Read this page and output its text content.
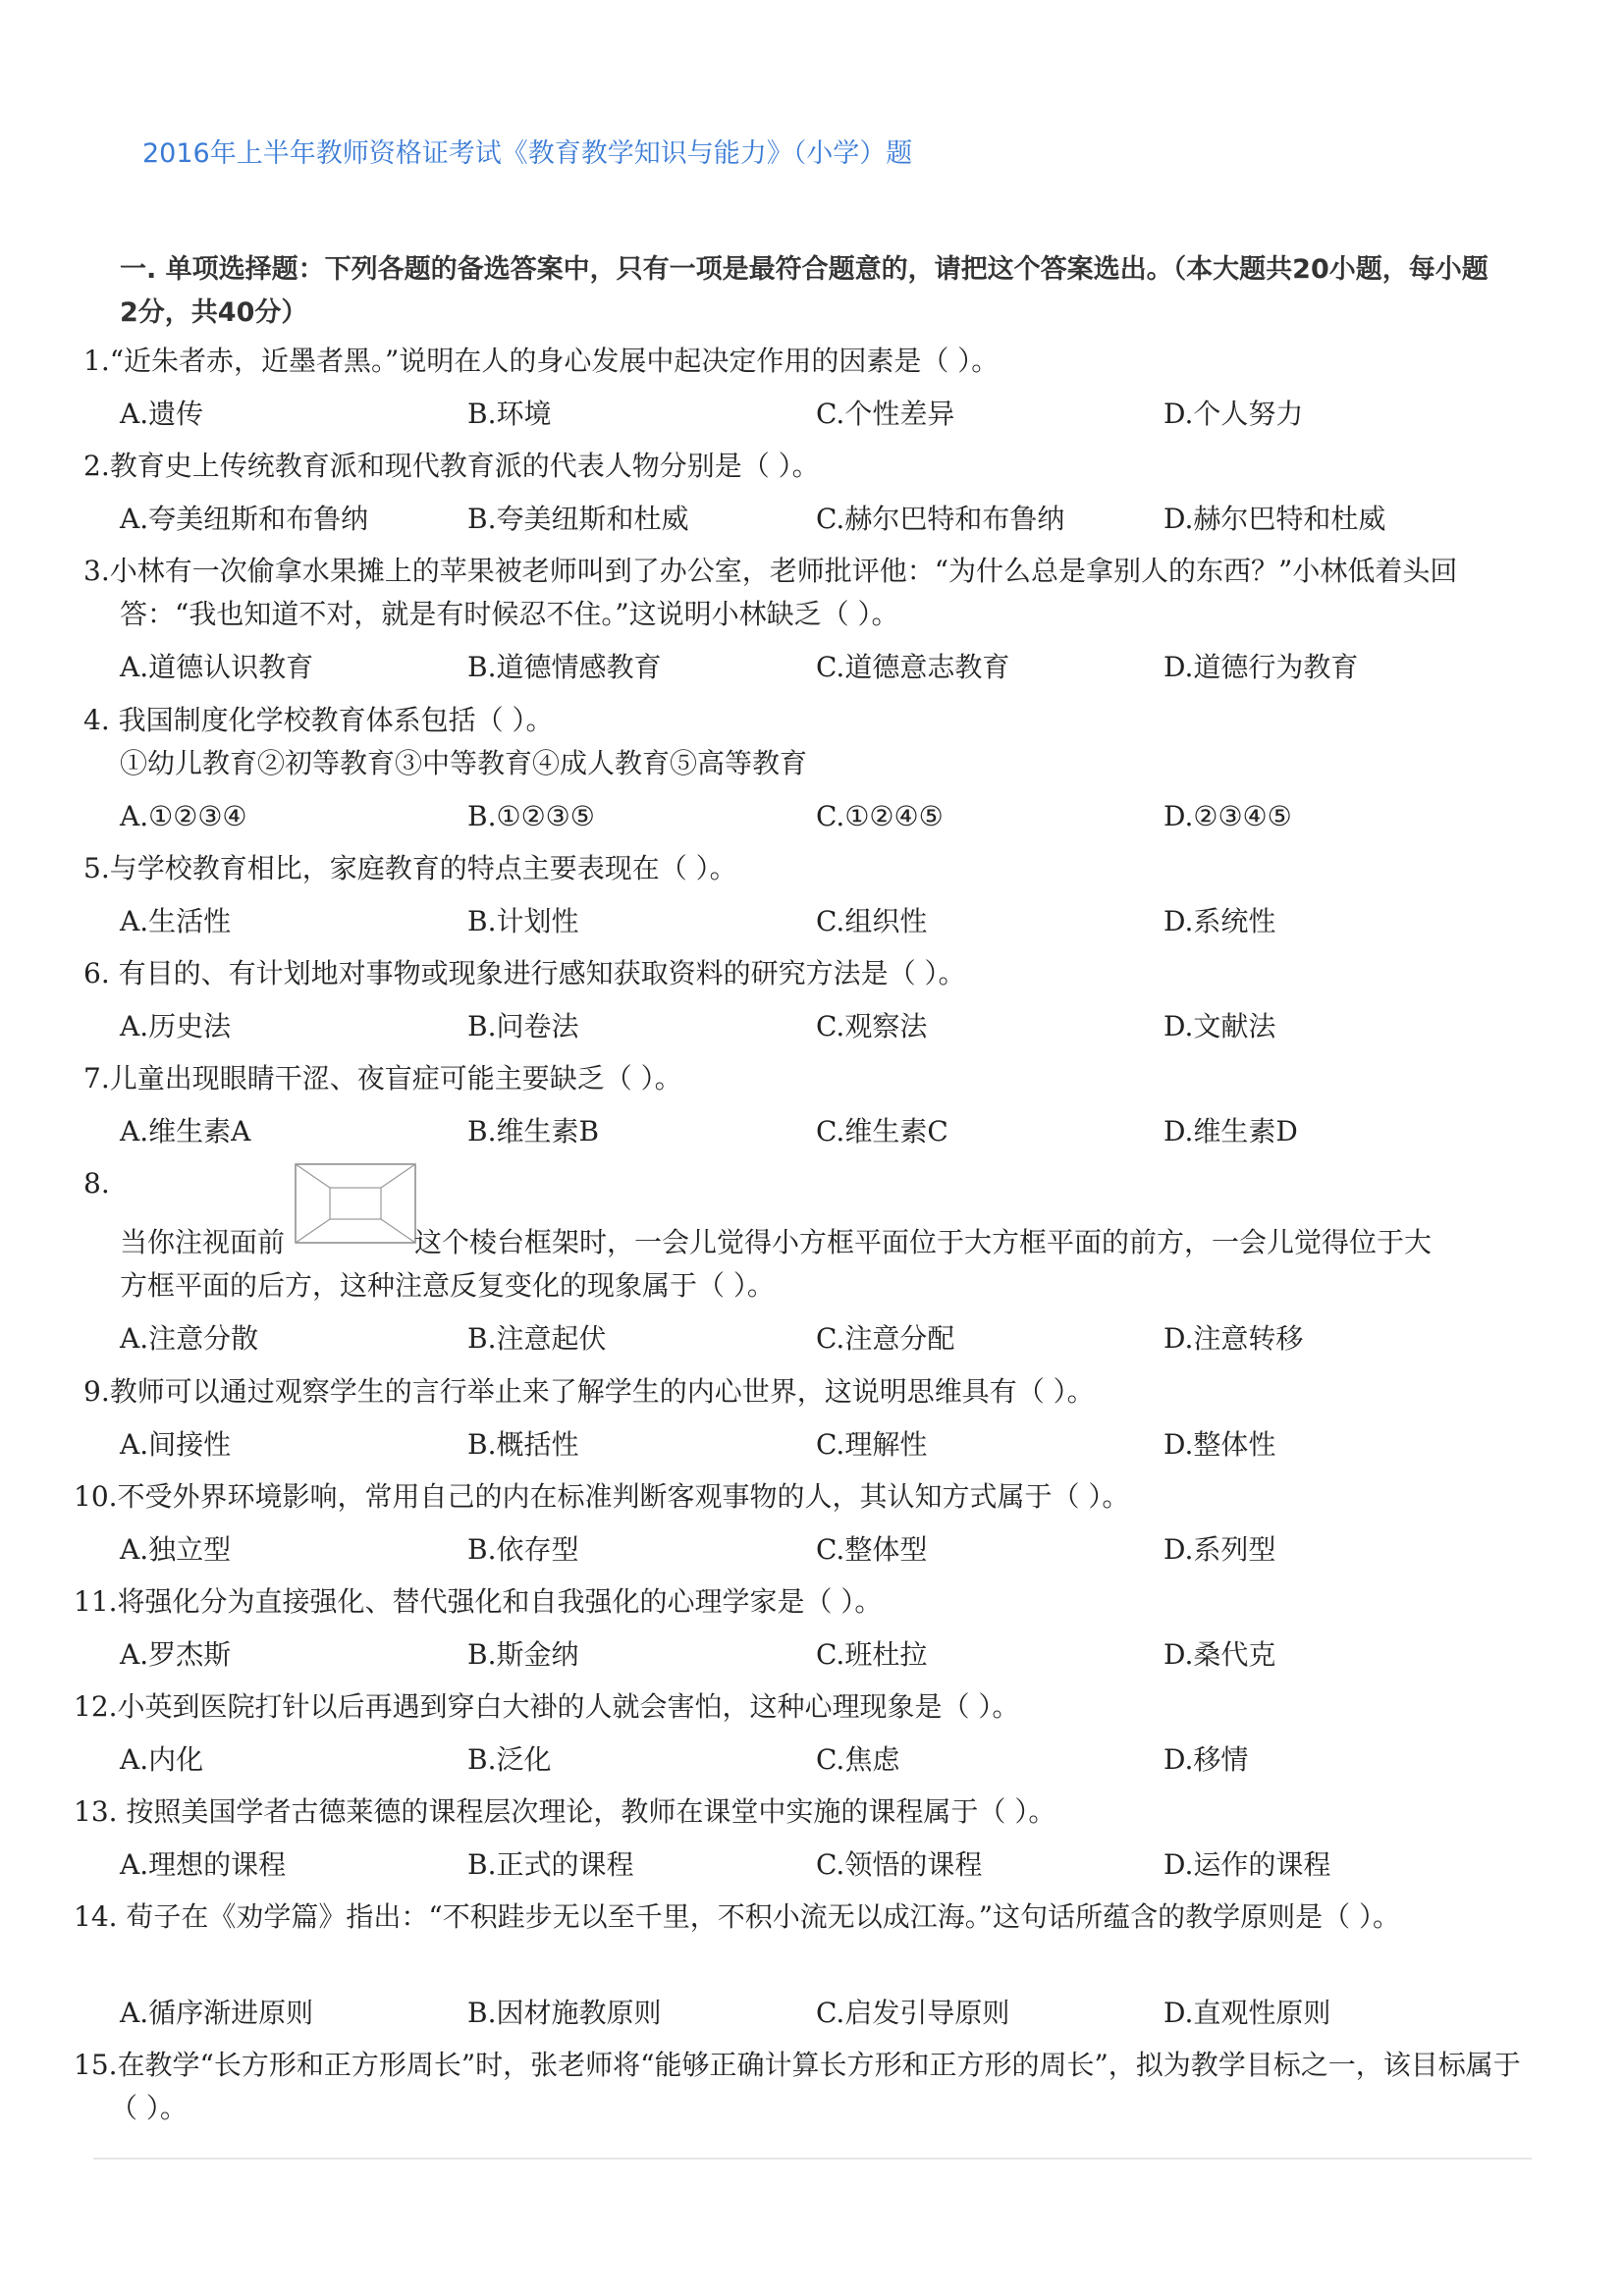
2016年上半年教师资格证考试《教育教学知识与能力》（小学）题
一. 单项选择题：下列各题的备选答案中，只有一项是最符合题意的，请把这个答案选出。（本大题共20小题，每小题2分，共40分）
1.“近朱者赤，近墨者黑。”说明在人的身心发展中起决定作用的因素是（ ）。
A.遗传	B.环境	C.个性差异	D.个人努力
2.教育史上传统教育派和现代教育派的代表人物分别是（ ）。
A.夸美纽斯和布鲁纳	B.夸美纽斯和杜威	C.赫尔巴特和布鲁纳	D.赫尔巴特和杜威
3.小林有一次偷拿水果摊上的苹果被老师叫到了办公室，老师批评他：“为什么总是拿别人的东西？”小林低着头回答：“我也知道不对，就是有时候忍不住。”这说明小林缺乏（ ）。
A.道德认识教育	B.道德情感教育	C.道德意志教育	D.道德行为教育
4. 我国制度化学校教育体系包括（ ）。
①幼儿教育②初等教育③中等教育④成人教育⑤高等教育
A.①②③④	B.①②③⑤	C.①②④⑤	D.②③④⑤
5.与学校教育相比，家庭教育的特点主要表现在（ ）。
A.生活性	B.计划性	C.组织性	D.系统性
6. 有目的、有计划地对事物或现象进行感知获取资料的研究方法是（ ）。
A.历史法	B.问卷法	C.观察法	D.文献法
7.儿童出现眼睛干涩、夜盲症可能主要缺乏（ ）。
A.维生素A	B.维生素B	C.维生素C	D.维生素D
8.
当你注视面前	这个棱台框架时，一会儿觉得小方框平面位于大方框平面的前方，一会儿觉得位于大
方框平面的后方，这种注意反复变化的现象属于（ ）。
A.注意分散	B.注意起伏	C.注意分配	D.注意转移
9.教师可以通过观察学生的言行举止来了解学生的内心世界，这说明思维具有（ ）。
A.间接性	B.概括性	C.理解性	D.整体性
10.不受外界环境影响，常用自己的内在标准判断客观事物的人，其认知方式属于（ ）。
A.独立型	B.依存型	C.整体型	D.系列型
11.将强化分为直接强化、替代强化和自我强化的心理学家是（ ）。
A.罗杰斯	B.斯金纳	C.班杜拉	D.桑代克
12.小英到医院打针以后再遇到穿白大褂的人就会害怕，这种心理现象是（ ）。
A.内化	B.泛化	C.焦虑	D.移情
13. 按照美国学者古德莱德的课程层次理论，教师在课堂中实施的课程属于（ ）。
A.理想的课程	B.正式的课程	C.领悟的课程	D.运作的课程
14. 荀子在《劝学篇》指出：“不积跬步无以至千里，不积小流无以成江海。”这句话所蕴含的教学原则是（ ）。
A.循序渐进原则	B.因材施教原则	C.启发引导原则	D.直观性原则
15.在教学“长方形和正方形周长”时，张老师将“能够正确计算长方形和正方形的周长”，拟为教学目标之一，该目标属于（ ）。
